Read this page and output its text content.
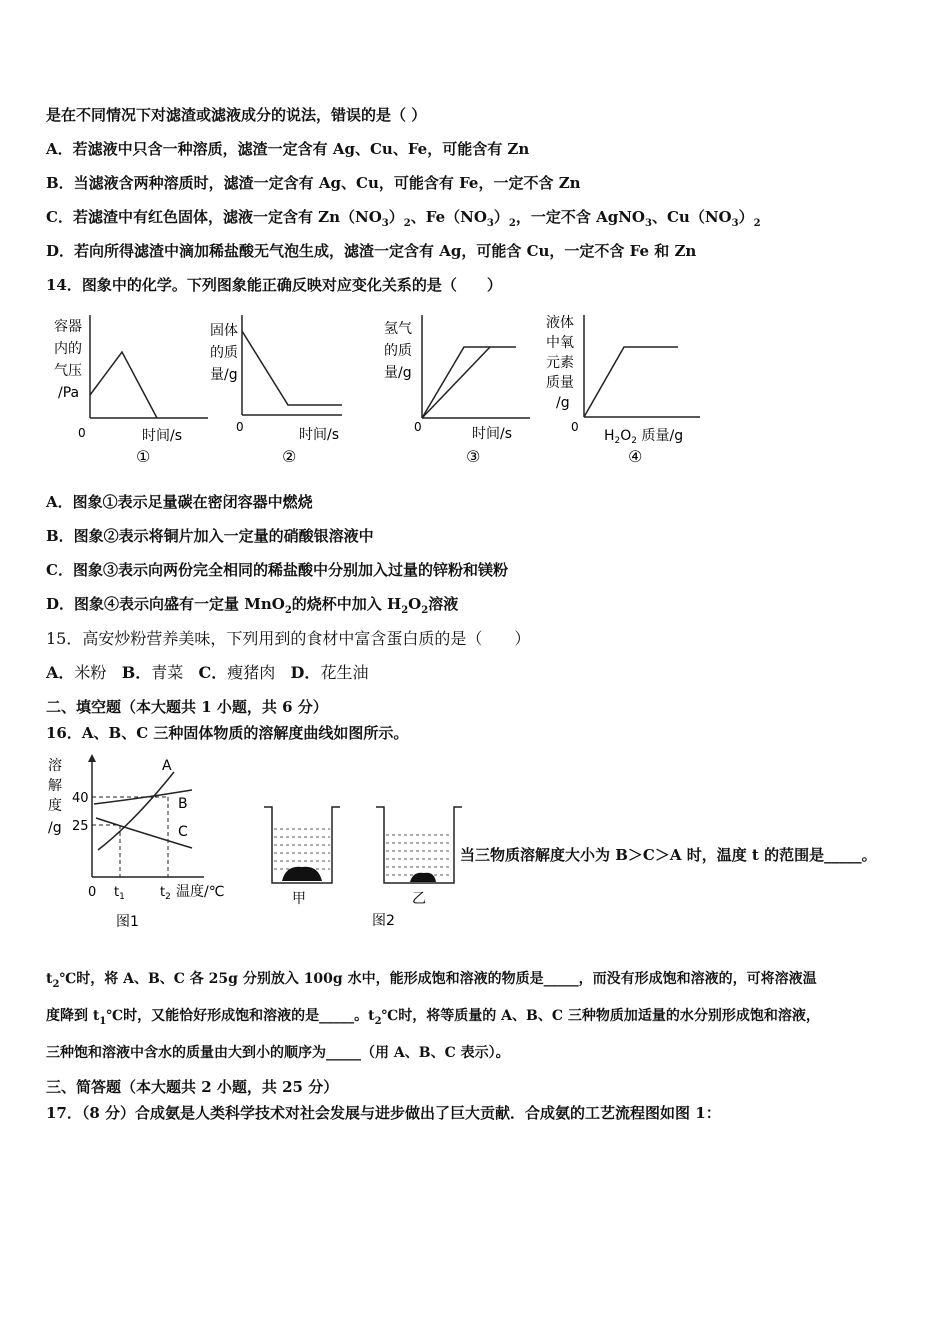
是在不同情况下对滤渣或滤液成分的说法，错误的是（ ）
A．若滤液中只含一种溶质，滤渣一定含有 Ag、Cu、Fe，可能含有 Zn
B．当滤液含两种溶质时，滤渣一定含有 Ag、Cu，可能含有 Fe，一定不含 Zn
C．若滤渣中有红色固体，滤液一定含有 $Zn(NO_3)_2$、$Fe(NO_3)_2$，一定不含 AgNO$_3$、$Cu(NO_3)_2$
D．若向所得滤渣中滴加稀盐酸无气泡生成，滤渣一定含有 Ag，可能含 Cu，一定不含 Fe 和 Zn
14．图象中的化学。下列图象能正确反映对应变化关系的是（　　）
容器
内的
气压
/Pa
0	时间/s
①
固体
的质
量/g
0	时间/s
②
氢气
的质
量/g
0	时间/s
③
液体
中氧
元素
质量
/g
0
$H_2O_2$ 质量/g
④
A．图象①表示足量碳在密闭容器中燃烧
B．图象②表示将铜片加入一定量的硝酸银溶液中
C．图象③表示向两份完全相同的稀盐酸中分别加入过量的锌粉和镁粉
D．图象④表示向盛有一定量 MnO$_2$的烧杯中加入 $H_2O_2$溶液
15．高安炒粉营养美味，下列用到的食材中富含蛋白质的是（　　）
A．米粉 B．青菜 C．瘦猪肉 D．花生油
二、填空题（本大题共 1 小题，共 6 分）
16．A、B、C 三种固体物质的溶解度曲线如图所示。
溶
解
度
/g
40
25
A
B
C
0 $t_1$	$t_2$ 温度/℃
图1
甲	乙
图2
当三物质溶解度大小为 B＞C＞A 时，温度 t 的范围是_____。
$t_2℃$时，将 A、B、C 各 25g 分别放入 100g 水中，能形成饱和溶液的物质是_____，而没有形成饱和溶液的，可将溶液温
度降到 $t_1℃$时，又能恰好形成饱和溶液的是_____。$t_2℃$时，将等质量的 A、B、C 三种物质加适量的水分别形成饱和溶液，
三种饱和溶液中含水的质量由大到小的顺序为_____（用 A、B、C 表示）。
三、简答题（本大题共 2 小题，共 25 分）
17．（8 分）合成氨是人类科学技术对社会发展与进步做出了巨大贡献．合成氨的工艺流程图如图 1：
